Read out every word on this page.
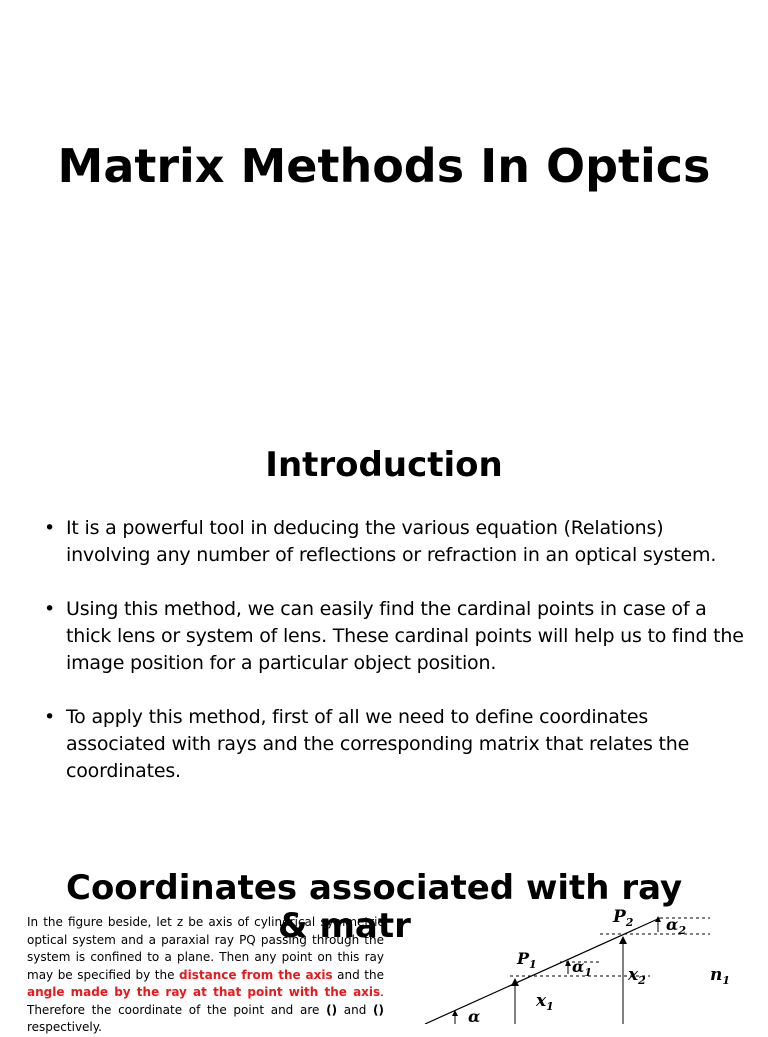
Matrix Methods In Optics
Introduction
• It is a powerful tool in deducing the various equation (Relations) involving any number of reflections or refraction in an optical system.
• Using this method, we can easily find the cardinal points in case of a thick lens or system of lens. These cardinal points will help us to find the image position for a particular object position.
• To apply this method, first of all we need to define coordinates associated with rays and the corresponding matrix that relates the coordinates.
Coordinates associated with ray

In the figure beside, let z be axis of cylindrical symmetric optical system and a paraxial ray PQ passing through the system is confined to a plane. Then any point on this ray may be specified by the distance from the axis and the angle made by the ray at that point with the axis. Therefore the coordinate of the point and are () and () respectively.

& matr	$P_2$ $\alpha_2$
$P_1$ $\alpha_1$ $x_2$	$n_1$
$x_1$
α
